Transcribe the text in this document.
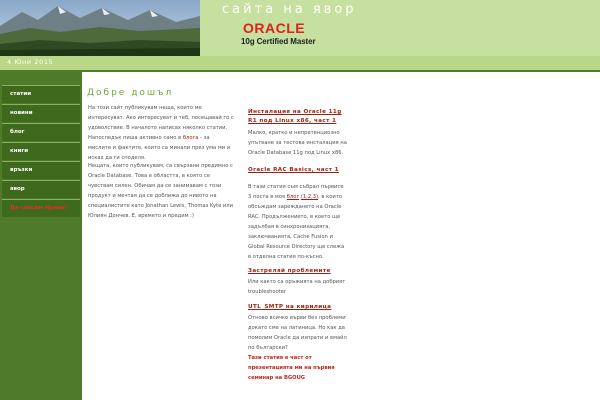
сайта на явор
ORACLE
10g Certified Master
4 Юни 2015
статии
новини
блог
книги
връзки
явор
Да спасим Ирина!
Добре дошъл
На този сайт публикувам неща, които ме интересуват. Ако интересуват и теб, посещавай го с удоволствие. В началото написах няколко статии. Напоследък пиша активно само в блога - за мислите и фактите, които са минали през ума ми и исках да ги споделя.
Нещата, които публикувам, са свързани предимно с Oracle Database. Това е областта, в която се чувствам силен. Обичам да се занимавам с този продукт и мечтая да се доближа до нивото на специалистите като Jonathan Lewis, Thomas Kyte или Юлиян Дончев. Е, времето и предим :)
Инсталация на Oracle 11g R1 под Linux x86, част 1
Малко, кратко и непретенциозно упътване за тестова инсталация на Oracle Database 11g под Linux x86.
Oracle RAC Basics, част 1
В тази статия съм събрал първите 3 поста в моя блог (1,2,3), в които обсъждам зареждането на Oracle RAC. Продължението, в което ще задълбая в синхронизацията, заключванията, Cache Fusion и Global Resource Directory ще слежа в отделна статия по-късно.
Застреляй проблемите
Или както са оръжията на добрият troubleshooter
UTL_SMTP на кирилица
Отново всичко върви без проблеми докато сме на латиница. Но как да помолим Oracle да изпрати и емайл по български?
Тази статия е част от презентацията ми на първия семинар на BGOUG
